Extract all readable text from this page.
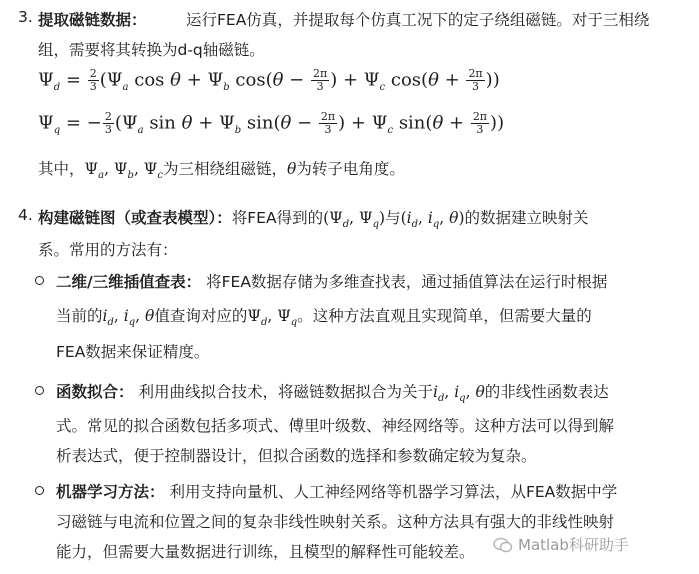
3. 提取磁链数据：	运行FEA仿真，并提取每个仿真工况下的定子绕组磁链。对于三相绕
组，需要将其转换为d-q轴磁链。
$\Psi_d = \frac{2}{3} (\Psi_a$ $\cos \theta + \Psi_b$ $\cos(\theta - \frac{2\pi}{3}$ ) + $\Psi_c$ $\cos(\theta + \frac{2\pi}{3}$ ))
$\Psi_q$ = − $\frac{2}{3} (\Psi_a$ $\sin \theta + \Psi_b$ $\sin(\theta - \frac{2\pi}{3}$ ) + $\Psi_c$ $\sin(\theta + \frac{2\pi}{3}$ ))
其中，$\Psi_a$, $\Psi_b$, $\Psi_c$为三相绕组磁链，θ为转子电角度。
4. 构建磁链图（或查表模型）：将FEA得到的($\Psi_d$, $\Psi_q$)与($i_d$, $i_q$, θ)的数据建立映射关
系。常用的方法有：
二维/三维插值查表： 将FEA数据存储为多维查找表，通过插值算法在运行时根据
当前的$i_d$, $i_q$, θ值查询对应的$\Psi_d$, $\Psi_q$。这种方法直观且实现简单，但需要大量的
FEA数据来保证精度。
函数拟合： 利用曲线拟合技术，将磁链数据拟合为关于$i_d$, $i_q$, θ的非线性函数表达
式。常见的拟合函数包括多项式、傅里叶级数、神经网络等。这种方法可以得到解
析表达式，便于控制器设计，但拟合函数的选择和参数确定较为复杂。
机器学习方法： 利用支持向量机、人工神经网络等机器学习算法，从FEA数据中学
习磁链与电流和位置之间的复杂非线性映射关系。这种方法具有强大的非线性映射
能力，但需要大量数据进行训练，且模型的解释性可能较差。	Matlab科研助手
